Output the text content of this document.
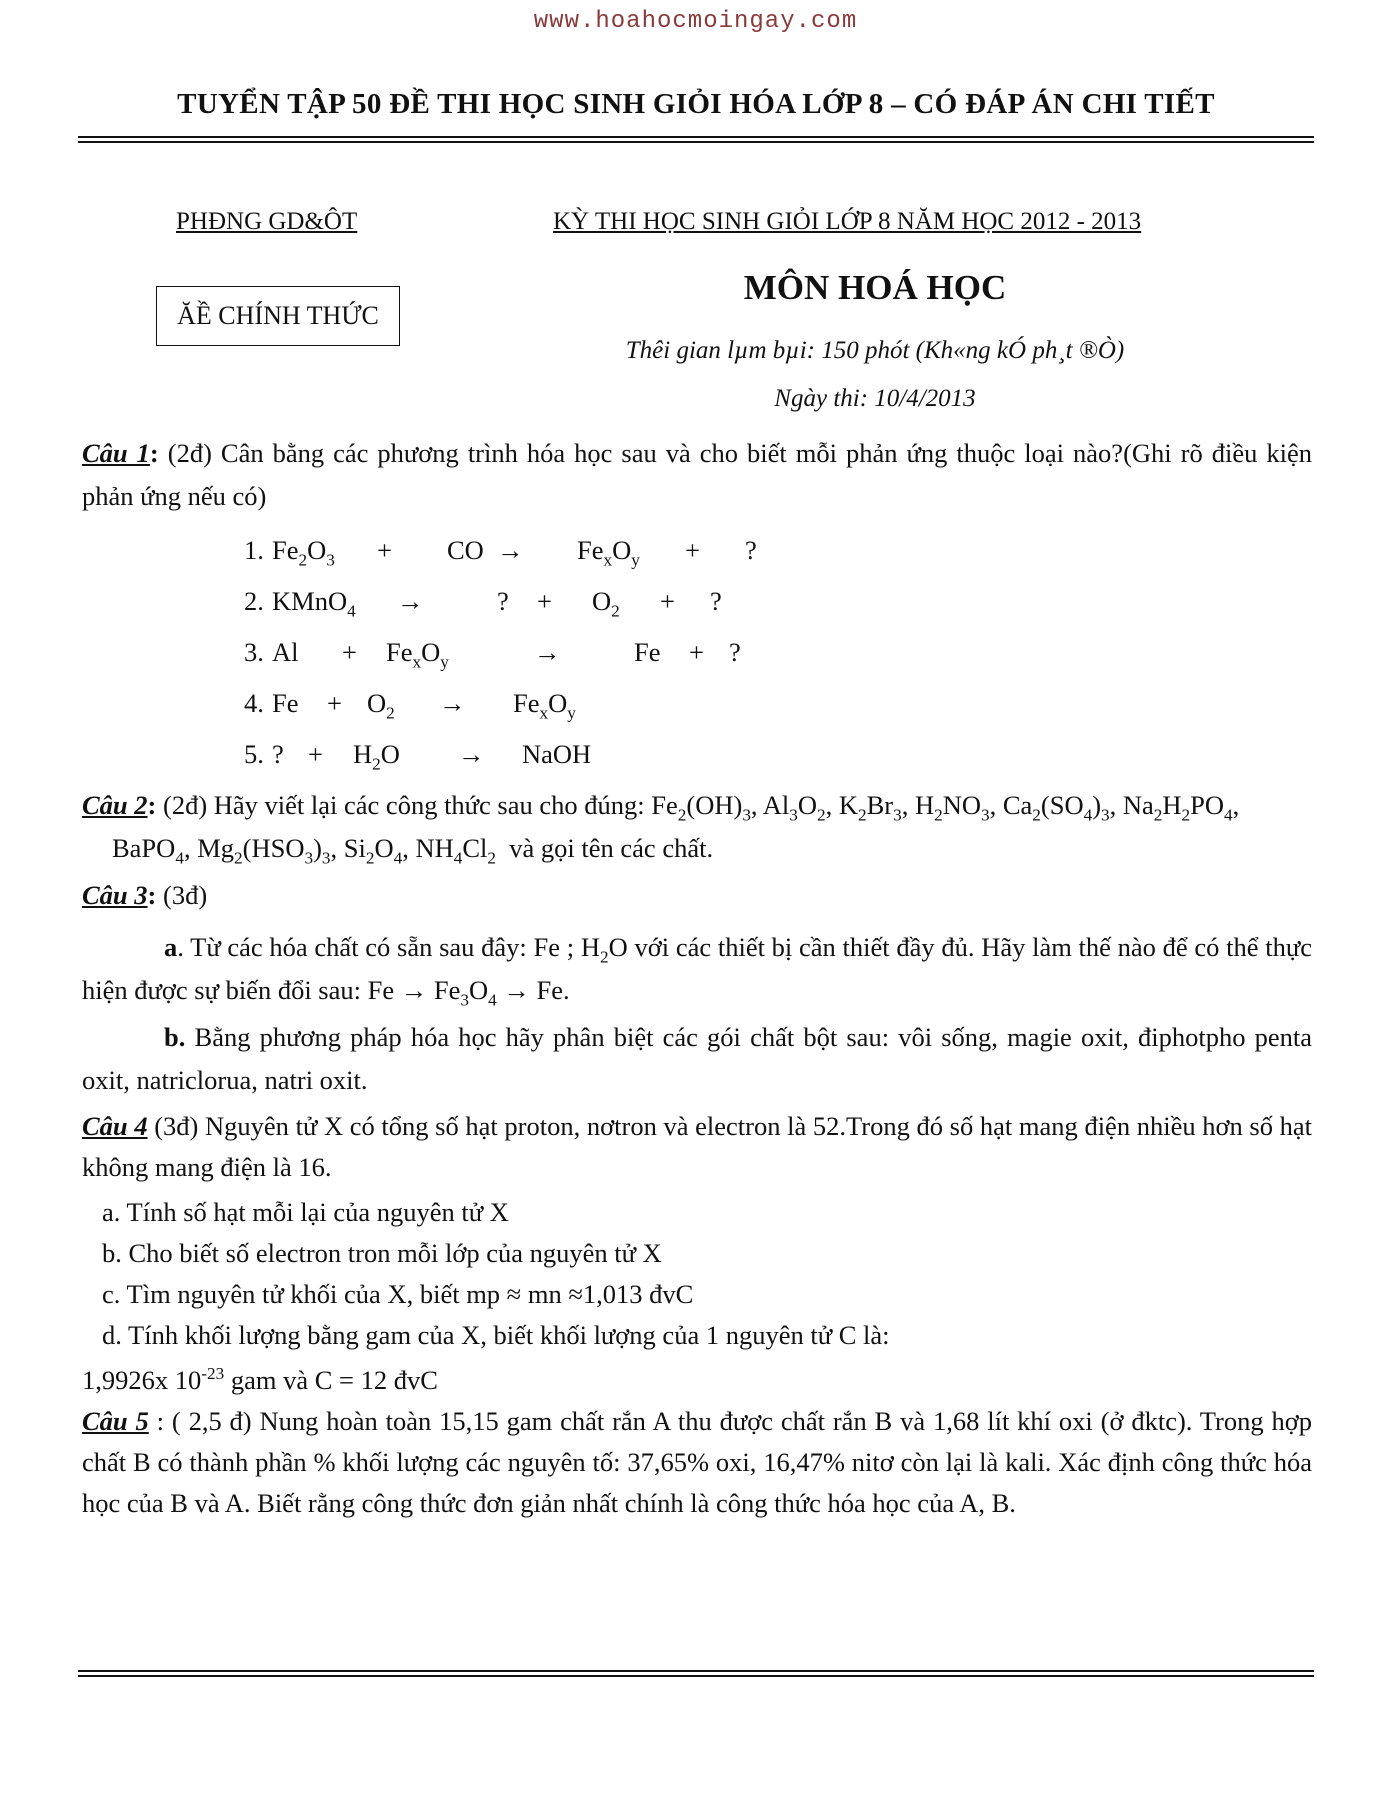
www.hoahocmoingay.com
TUYỂN TẬP 50 ĐỀ THI HỌC SINH GIỎI HÓA LỚP 8 – CÓ ĐÁP ÁN CHI TIẾT
PHĐNG GD&ÔT	KỲ THI HỌC SINH GIỎI LỚP 8 NĂM HỌC 2012 - 2013
ĂỀ CHÍNH THỨC
MÔN HOÁ HỌC
Thêi gian lµm bµi: 150 phót (Kh«ng kÓ ph¸t ®Ò)
Ngày thi: 10/4/2013

Câu 1: (2đ) Cân bằng các phương trình hóa học sau và cho biết mỗi phản ứng thuộc loại nào?(Ghi rõ điều kiện phản ứng nếu có)

1. $Fe_2O_3$ + CO → $Fe_xO_y$ + ?
2. KMnO$_4$ →	? + $O_2$ + ?
3. $Al + Fe_xO_y$	→	Fe + ?
4. $Fe + O_2 \to Fe_xO_y$
5. ? + $H_2O$ → NaOH

Câu 2: (2đ) Hãy viết lại các công thức sau cho đúng: $Fe_2(OH)_3$, $Al_3O_2$, $K_2Br_3$, $H_2NO_3$, $Ca_2(SO_4)_3$, $Na_2H_2PO_4$,
BaPO$_4$, $Mg_2(HSO_3)_3$, $Si_2O_4$, $NH_4Cl_2$ và gọi tên các chất.

Câu 3: (3đ)

a. Từ các hóa chất có sẵn sau đây: Fe ; $H_2O$ với các thiết bị cần thiết đầy đủ. Hãy làm thế nào để có thể thực hiện được sự biến đổi sau: $Fe \to Fe_3O_4 \to Fe$.

b. Bằng phương pháp hóa học hãy phân biệt các gói chất bột sau: vôi sống, magie oxit, điphotpho penta oxit, natriclorua, natri oxit.

Câu 4 (3đ) Nguyên tử X có tổng số hạt proton, nơtron và electron là 52.Trong đó số hạt mang điện nhiều hơn số hạt không mang điện là 16.

a. Tính số hạt mỗi lại của nguyên tử X
b. Cho biết số electron tron mỗi lớp của nguyên tử X
c. Tìm nguyên tử khối của X, biết mp ≈ mn ≈1,013 đvC
d. Tính khối lượng bằng gam của X, biết khối lượng của 1 nguyên tử C là:
1,9926x $10^{-23}$ gam và C = 12 đvC

Câu 5 : ( 2,5 đ) Nung hoàn toàn 15,15 gam chất rắn A thu được chất rắn B và 1,68 lít khí oxi (ở đktc). Trong hợp chất B có thành phần % khối lượng các nguyên tố: 37,65% oxi, 16,47% nitơ còn lại là kali. Xác định công thức hóa học của B và A. Biết rằng công thức đơn giản nhất chính là công thức hóa học của A, B.
